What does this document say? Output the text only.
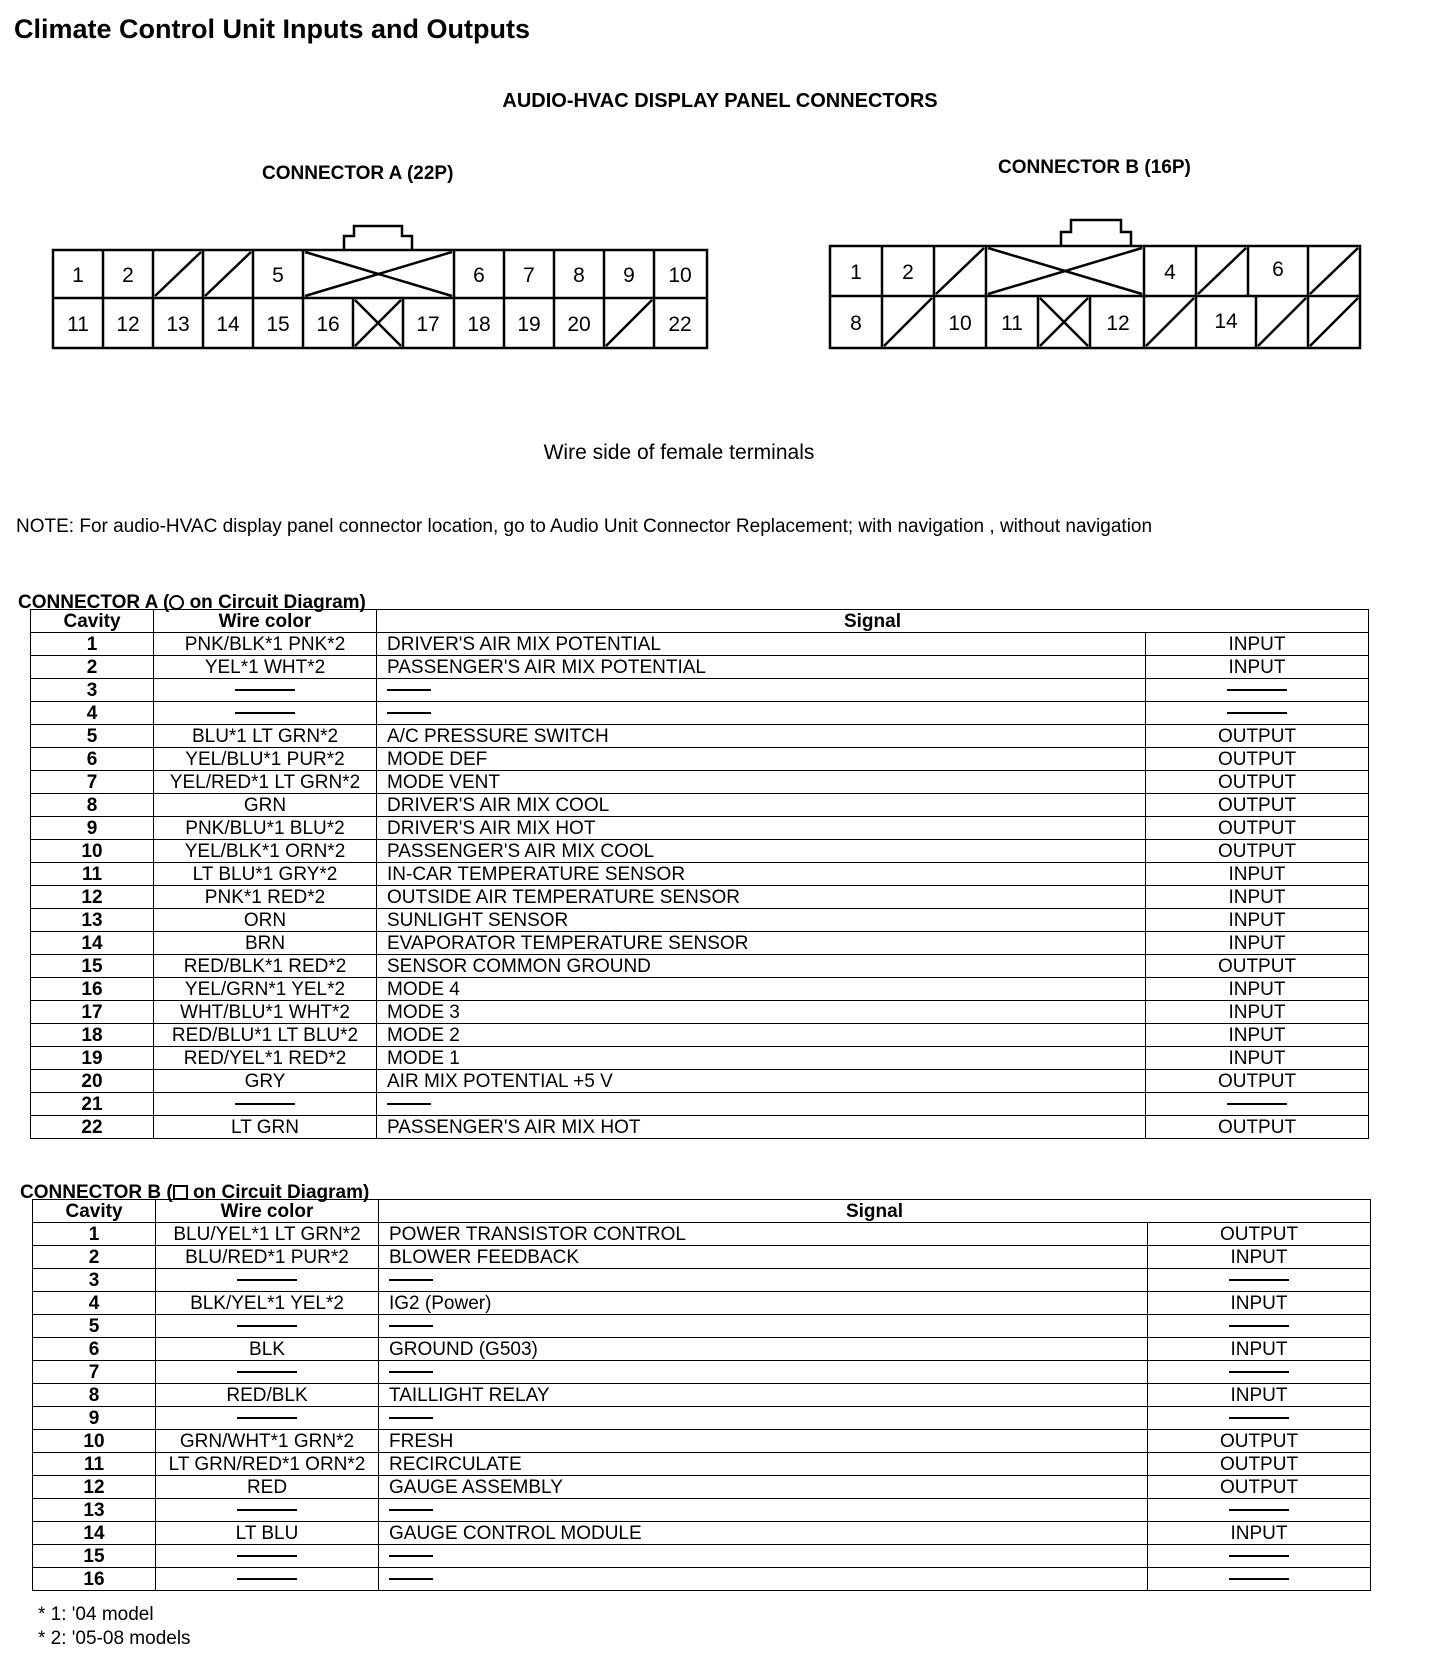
Climate Control Unit Inputs and Outputs
AUDIO-HVAC DISPLAY PANEL CONNECTORS
CONNECTOR A (22P)	CONNECTOR B (16P)
1 2	5	6 7 8 9 10
11 12 13 14 15 16	17 18 19 20	22
1 2	4	6
8	10 11	12	14
Wire side of female terminals
NOTE: For audio-HVAC display panel connector location, go to Audio Unit Connector Replacement; with navigation , without navigation
CONNECTOR A ( on Circuit Diagram)
Cavity	Wire color	Signal	
1	PNK/BLK*1 PNK*2	DRIVER'S AIR MIX POTENTIAL	INPUT
2	YEL*1 WHT*2	PASSENGER'S AIR MIX POTENTIAL	INPUT
3			
4			
5	BLU*1 LT GRN*2	A/C PRESSURE SWITCH	OUTPUT
6	YEL/BLU*1 PUR*2	MODE DEF	OUTPUT
7	YEL/RED*1 LT GRN*2	MODE VENT	OUTPUT
8	GRN	DRIVER'S AIR MIX COOL	OUTPUT
9	PNK/BLU*1 BLU*2	DRIVER'S AIR MIX HOT	OUTPUT
10	YEL/BLK*1 ORN*2	PASSENGER'S AIR MIX COOL	OUTPUT
11	LT BLU*1 GRY*2	IN-CAR TEMPERATURE SENSOR	INPUT
12	PNK*1 RED*2	OUTSIDE AIR TEMPERATURE SENSOR	INPUT
13	ORN	SUNLIGHT SENSOR	INPUT
14	BRN	EVAPORATOR TEMPERATURE SENSOR	INPUT
15	RED/BLK*1 RED*2	SENSOR COMMON GROUND	OUTPUT
16	YEL/GRN*1 YEL*2	MODE 4	INPUT
17	WHT/BLU*1 WHT*2	MODE 3	INPUT
18	RED/BLU*1 LT BLU*2	MODE 2	INPUT
19	RED/YEL*1 RED*2	MODE 1	INPUT
20	GRY	AIR MIX POTENTIAL +5 V	OUTPUT
21			
22	LT GRN	PASSENGER'S AIR MIX HOT	OUTPUT
CONNECTOR B ( on Circuit Diagram)
Cavity	Wire color	Signal	
1	BLU/YEL*1 LT GRN*2	POWER TRANSISTOR CONTROL	OUTPUT
2	BLU/RED*1 PUR*2	BLOWER FEEDBACK	INPUT
3			
4	BLK/YEL*1 YEL*2	IG2 (Power)	INPUT
5			
6	BLK	GROUND (G503)	INPUT
7			
8	RED/BLK	TAILLIGHT RELAY	INPUT
9			
10	GRN/WHT*1 GRN*2	FRESH	OUTPUT
11	LT GRN/RED*1 ORN*2	RECIRCULATE	OUTPUT
12	RED	GAUGE ASSEMBLY	OUTPUT
13			
14	LT BLU	GAUGE CONTROL MODULE	INPUT
15			
16			
* 1: '04 model
* 2: '05-08 models
